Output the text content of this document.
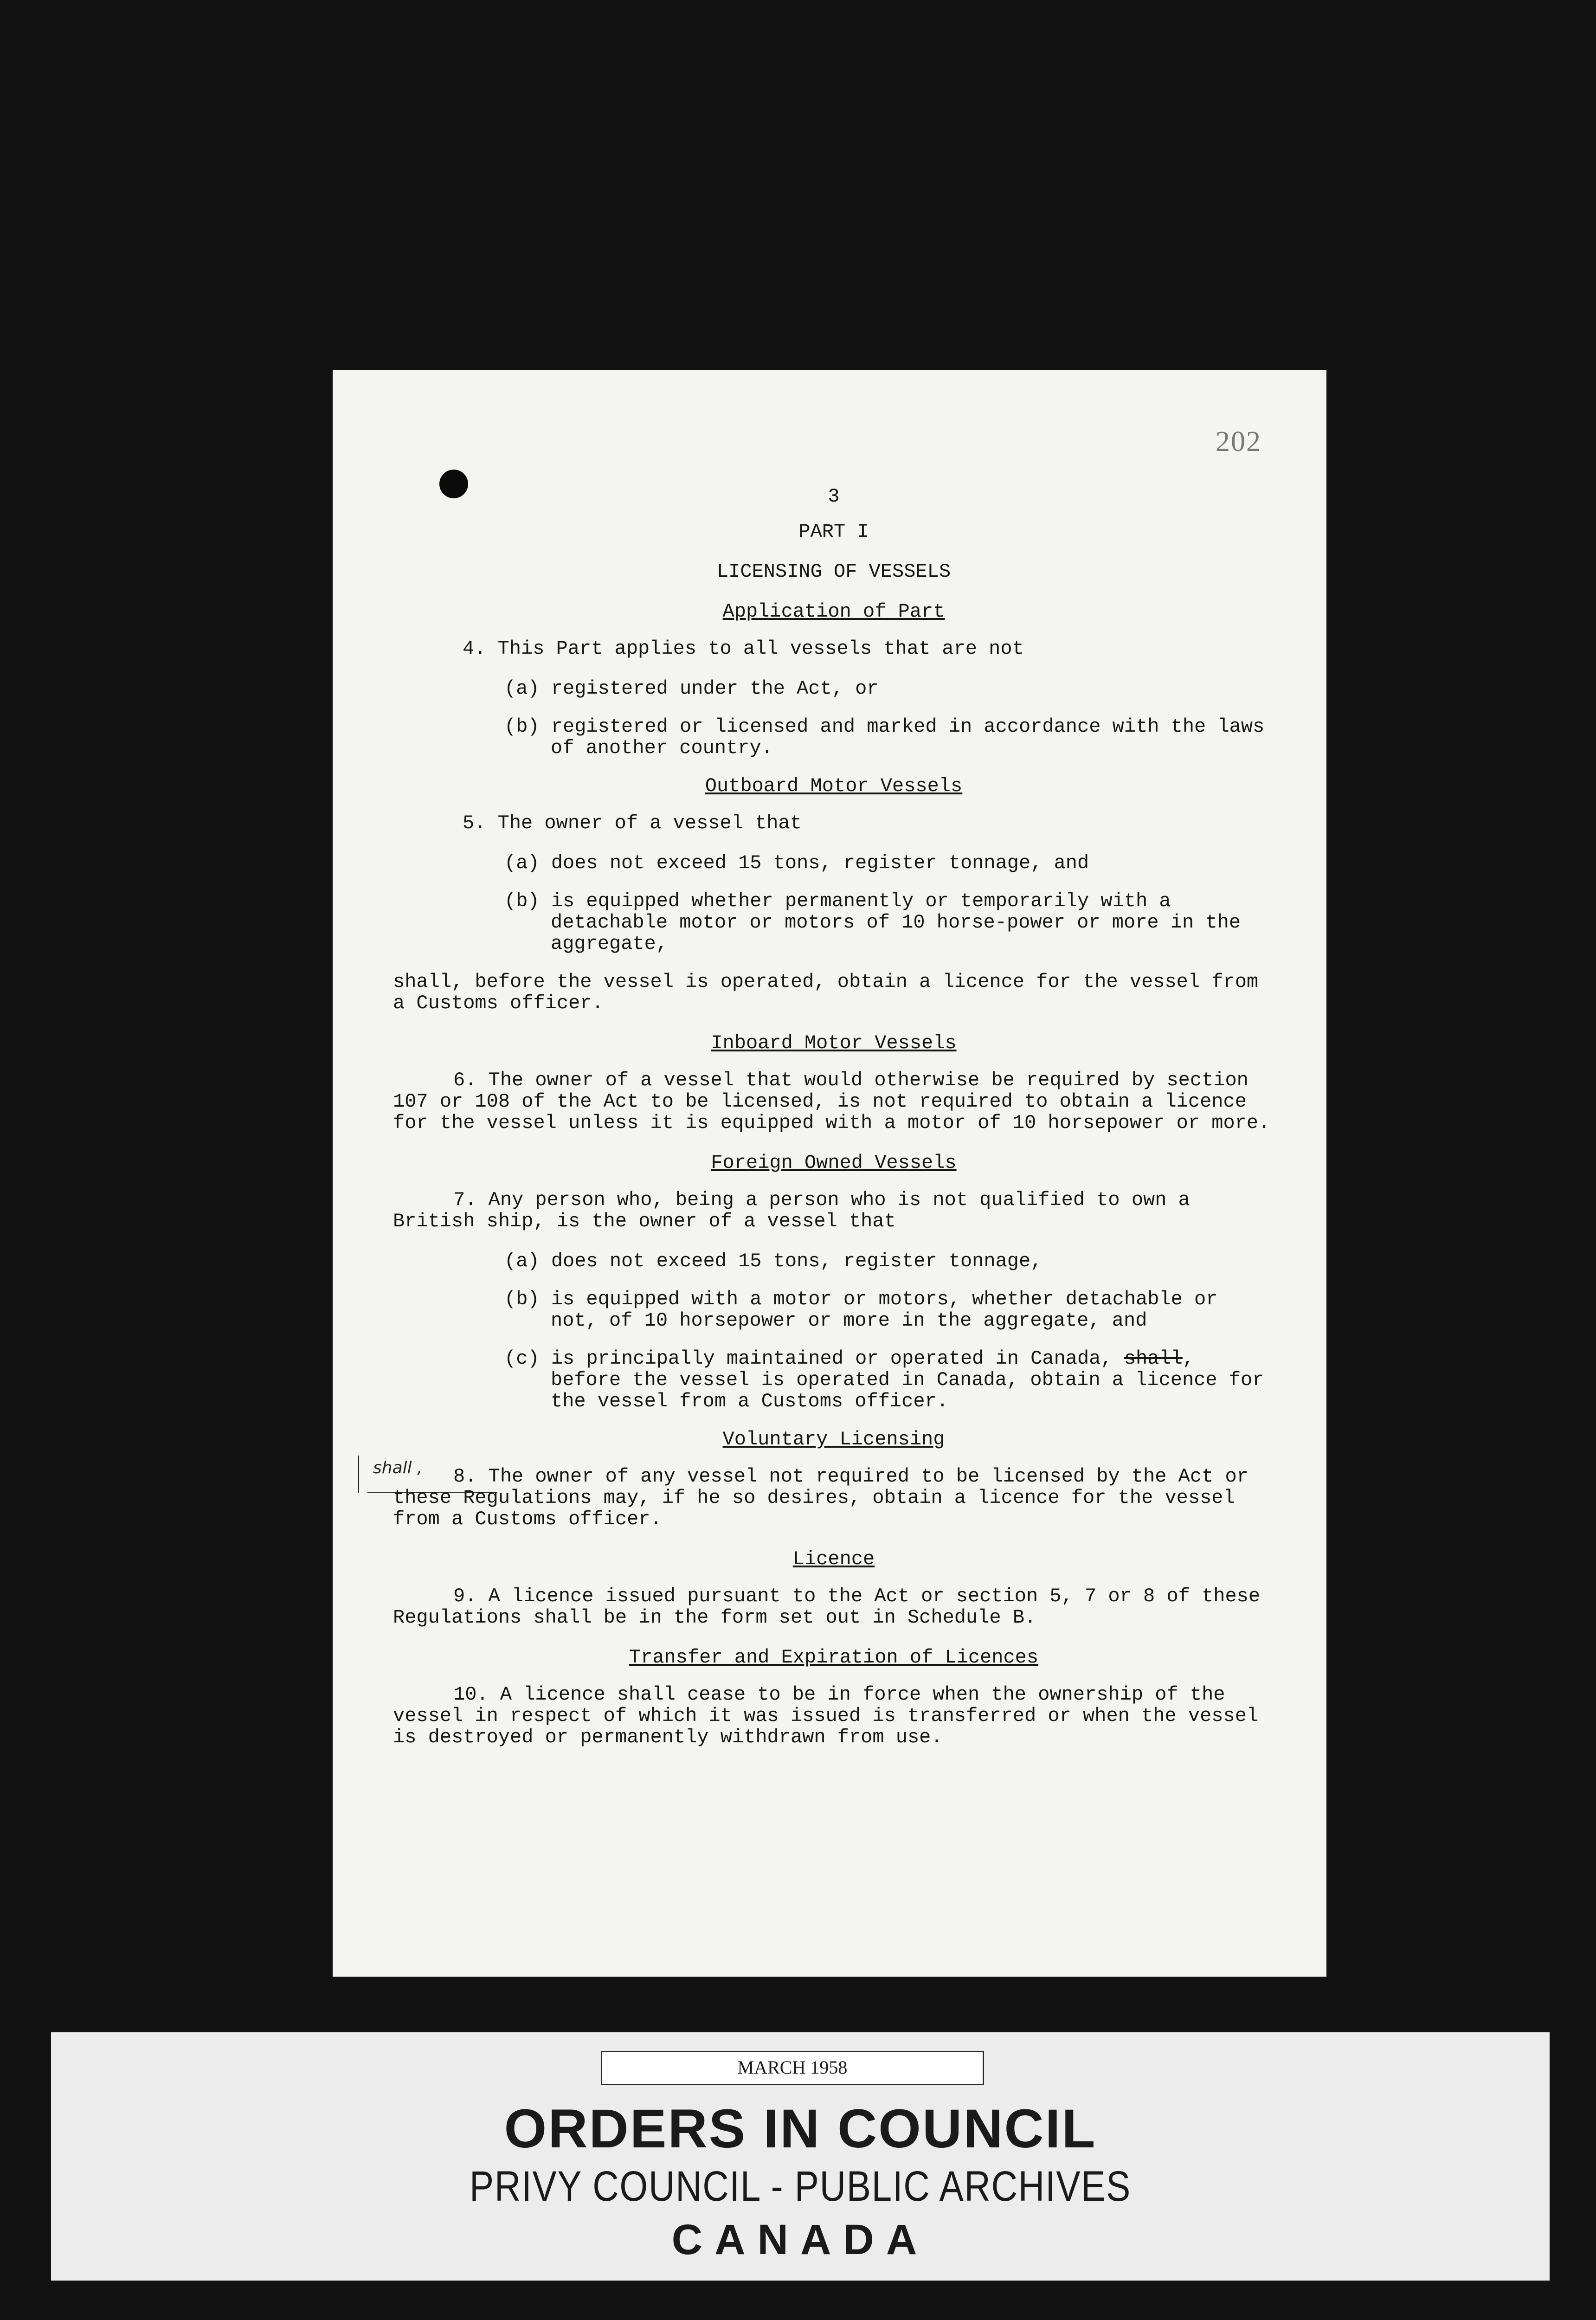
202
shall ,

3

PART I

LICENSING OF VESSELS

Application of Part

4. This Part applies to all vessels that are not

(a) registered under the Act, or

(b) registered or licensed and marked in accordance with the laws of another country.

Outboard Motor Vessels

5. The owner of a vessel that

(a) does not exceed 15 tons, register tonnage, and

(b) is equipped whether permanently or temporarily with a detachable motor or motors of 10 horse-power or more in the aggregate,

shall, before the vessel is operated, obtain a licence for the vessel from a Customs officer.

Inboard Motor Vessels

6. The owner of a vessel that would otherwise be required by section 107 or 108 of the Act to be licensed, is not required to obtain a licence for the vessel unless it is equipped with a motor of 10 horsepower or more.

Foreign Owned Vessels

7. Any person who, being a person who is not qualified to own a British ship, is the owner of a vessel that

(a) does not exceed 15 tons, register tonnage,

(b) is equipped with a motor or motors, whether detachable or not, of 10 horsepower or more in the aggregate, and

(c) is principally maintained or operated in Canada, shall, before the vessel is operated in Canada, obtain a licence for the vessel from a Customs officer.

Voluntary Licensing

8. The owner of any vessel not required to be licensed by the Act or these Regulations may, if he so desires, obtain a licence for the vessel from a Customs officer.

Licence

9. A licence issued pursuant to the Act or section 5, 7 or 8 of these Regulations shall be in the form set out in Schedule B.

Transfer and Expiration of Licences

10. A licence shall cease to be in force when the ownership of the vessel in respect of which it was issued is transferred or when the vessel is destroyed or permanently withdrawn from use.

MARCH 1958
ORDERS IN COUNCIL
PRIVY COUNCIL - PUBLIC ARCHIVES
CANADA
